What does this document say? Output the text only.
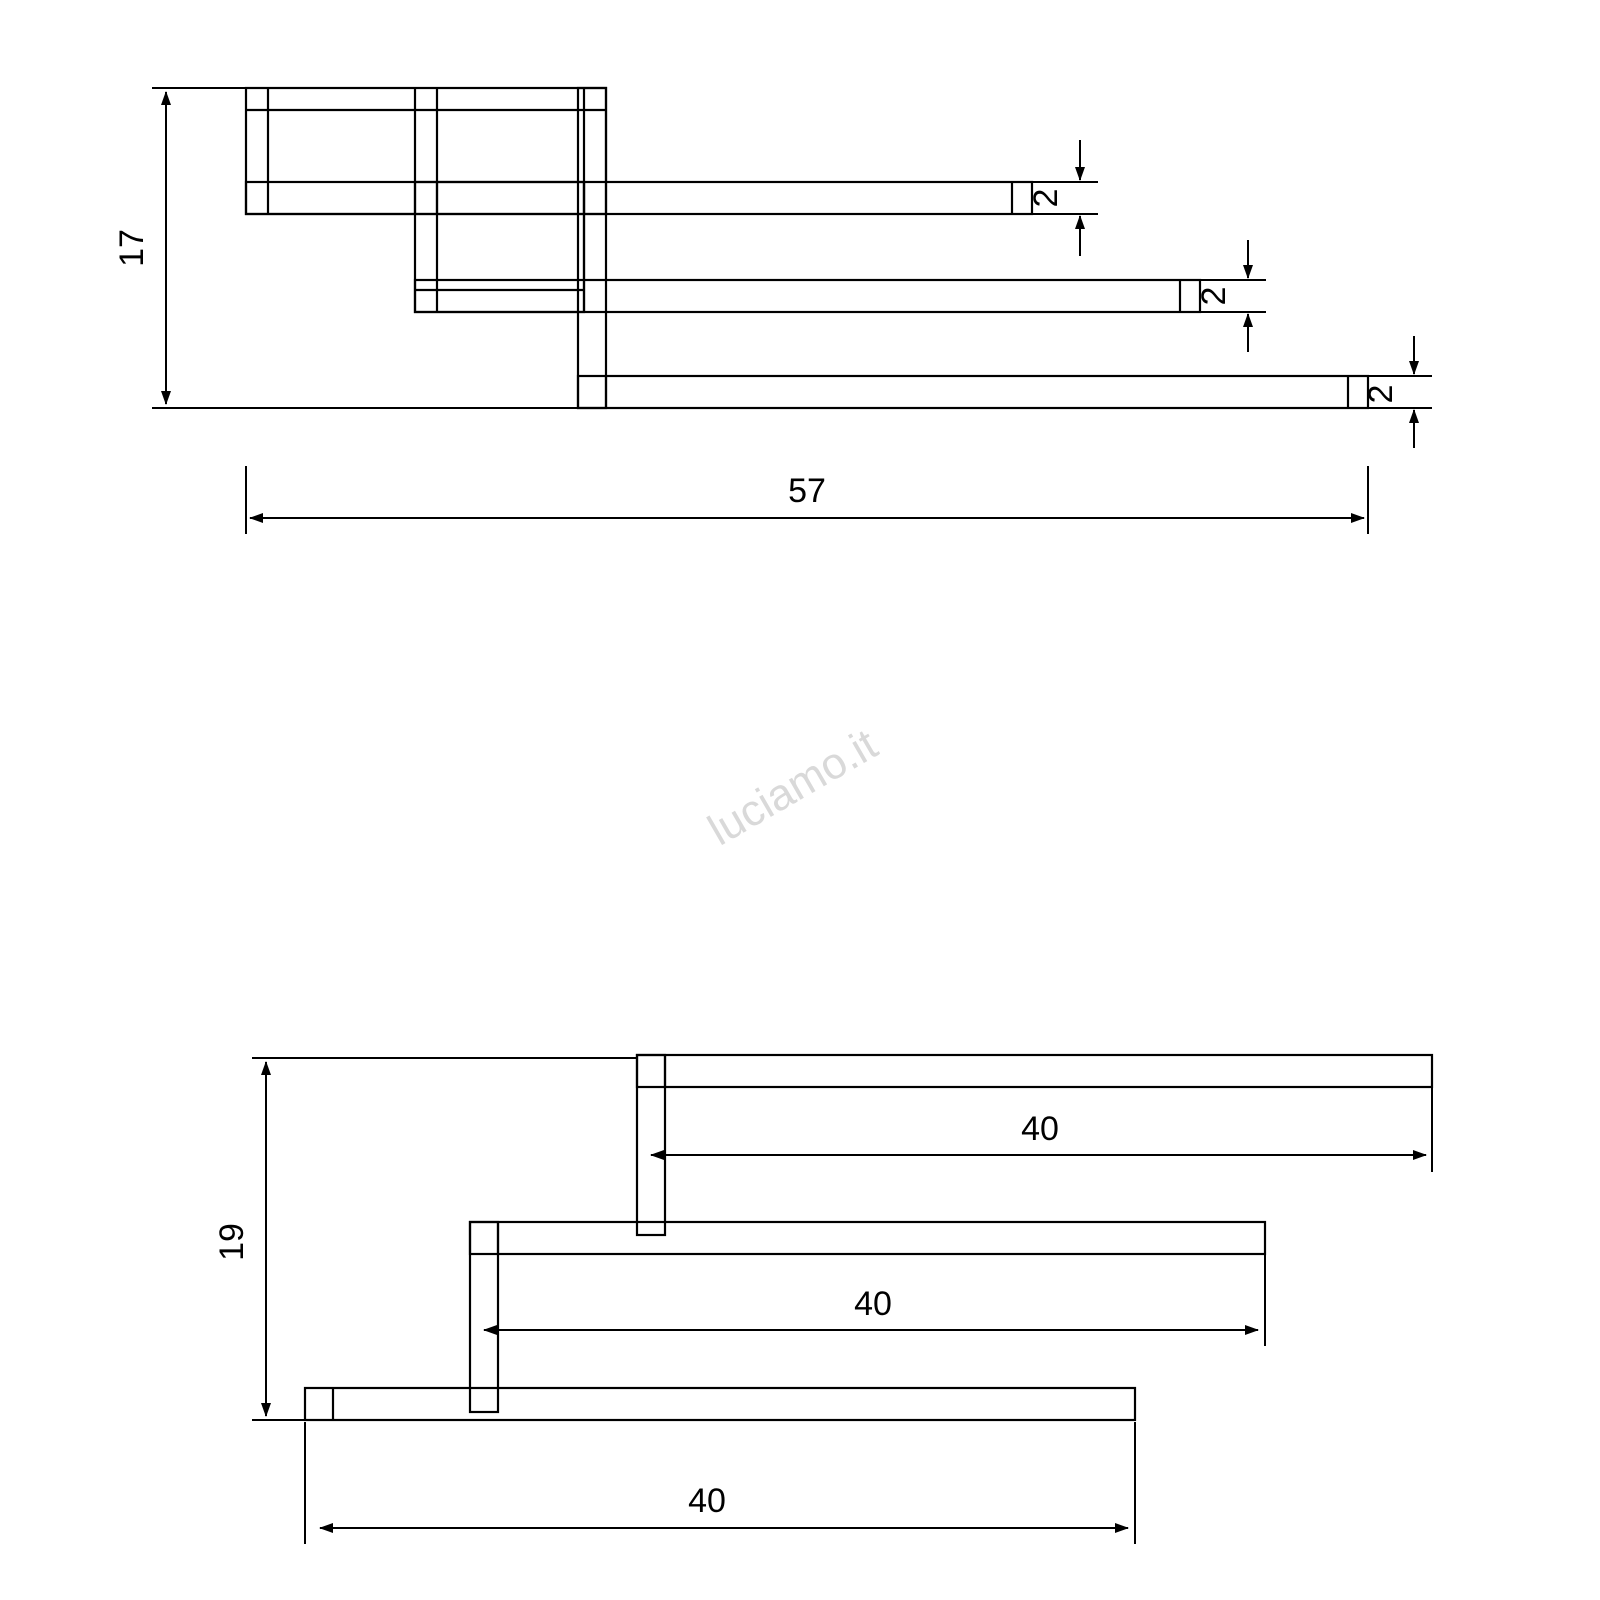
17
57
2
2
2
luciamo.it
19
40
40
40
